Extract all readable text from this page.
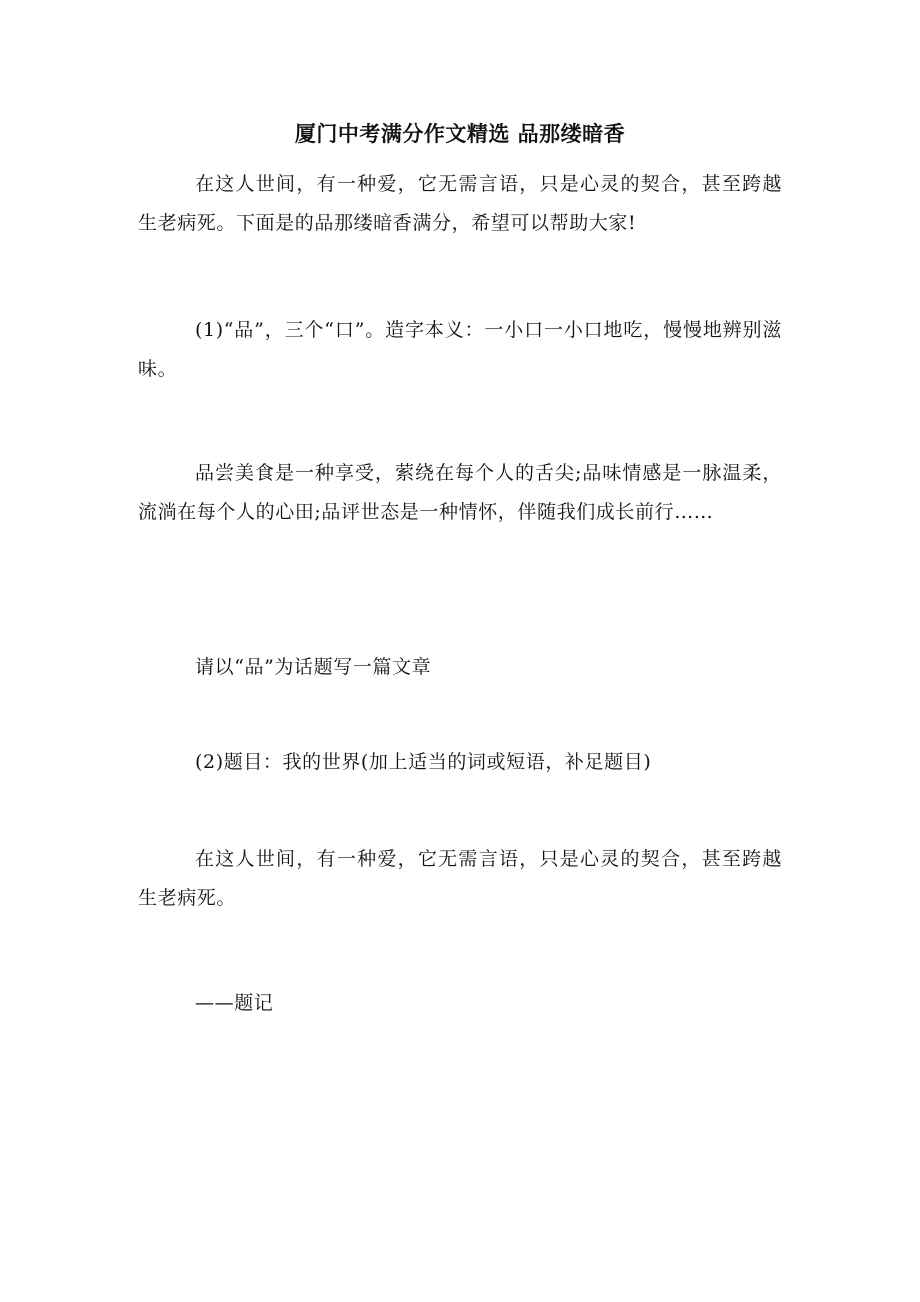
厦门中考满分作文精选 品那缕暗香

在这人世间，有一种爱，它无需言语，只是心灵的契合，甚至跨越生老病死。下面是的品那缕暗香满分，希望可以帮助大家!

(1)“品”，三个“口”。造字本义：一小口一小口地吃，慢慢地辨别滋味。

品尝美食是一种享受，萦绕在每个人的舌尖;品味情感是一脉温柔，流淌在每个人的心田;品评世态是一种情怀，伴随我们成长前行……

请以“品”为话题写一篇文章

(2)题目：我的世界(加上适当的词或短语，补足题目)

在这人世间，有一种爱，它无需言语，只是心灵的契合，甚至跨越生老病死。

——题记
